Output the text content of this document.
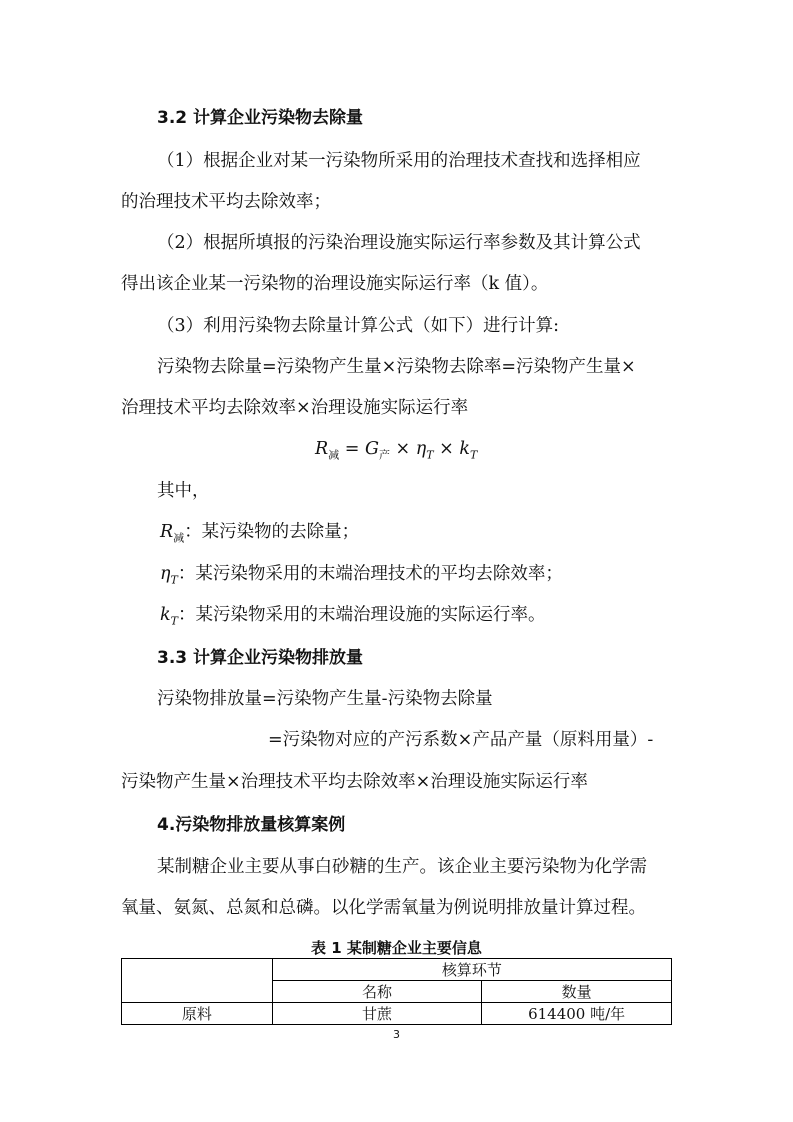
3.2 计算企业污染物去除量
（1）根据企业对某一污染物所采用的治理技术查找和选择相应
的治理技术平均去除效率；
（2）根据所填报的污染治理设施实际运行率参数及其计算公式
得出该企业某一污染物的治理设施实际运行率（k 值）。
（3）利用污染物去除量计算公式（如下）进行计算:
污染物去除量=污染物产生量×污染物去除率=污染物产生量×
治理技术平均去除效率×治理设施实际运行率
$R_减 = G_产 \times \eta_T \times k_T$
其中，
$R_减$：某污染物的去除量；
$\eta_T$：某污染物采用的末端治理技术的平均去除效率；
$k_T$：某污染物采用的末端治理设施的实际运行率。
3.3 计算企业污染物排放量
污染物排放量=污染物产生量-污染物去除量
=污染物对应的产污系数×产品产量（原料用量）-
污染物产生量×治理技术平均去除效率×治理设施实际运行率
4.污染物排放量核算案例
某制糖企业主要从事白砂糖的生产。该企业主要污染物为化学需
氧量、氨氮、总氮和总磷。以化学需氧量为例说明排放量计算过程。
表 1 某制糖企业主要信息
	核算环节	
	名称	数量
原料	甘蔗	614400 吨/年
3
